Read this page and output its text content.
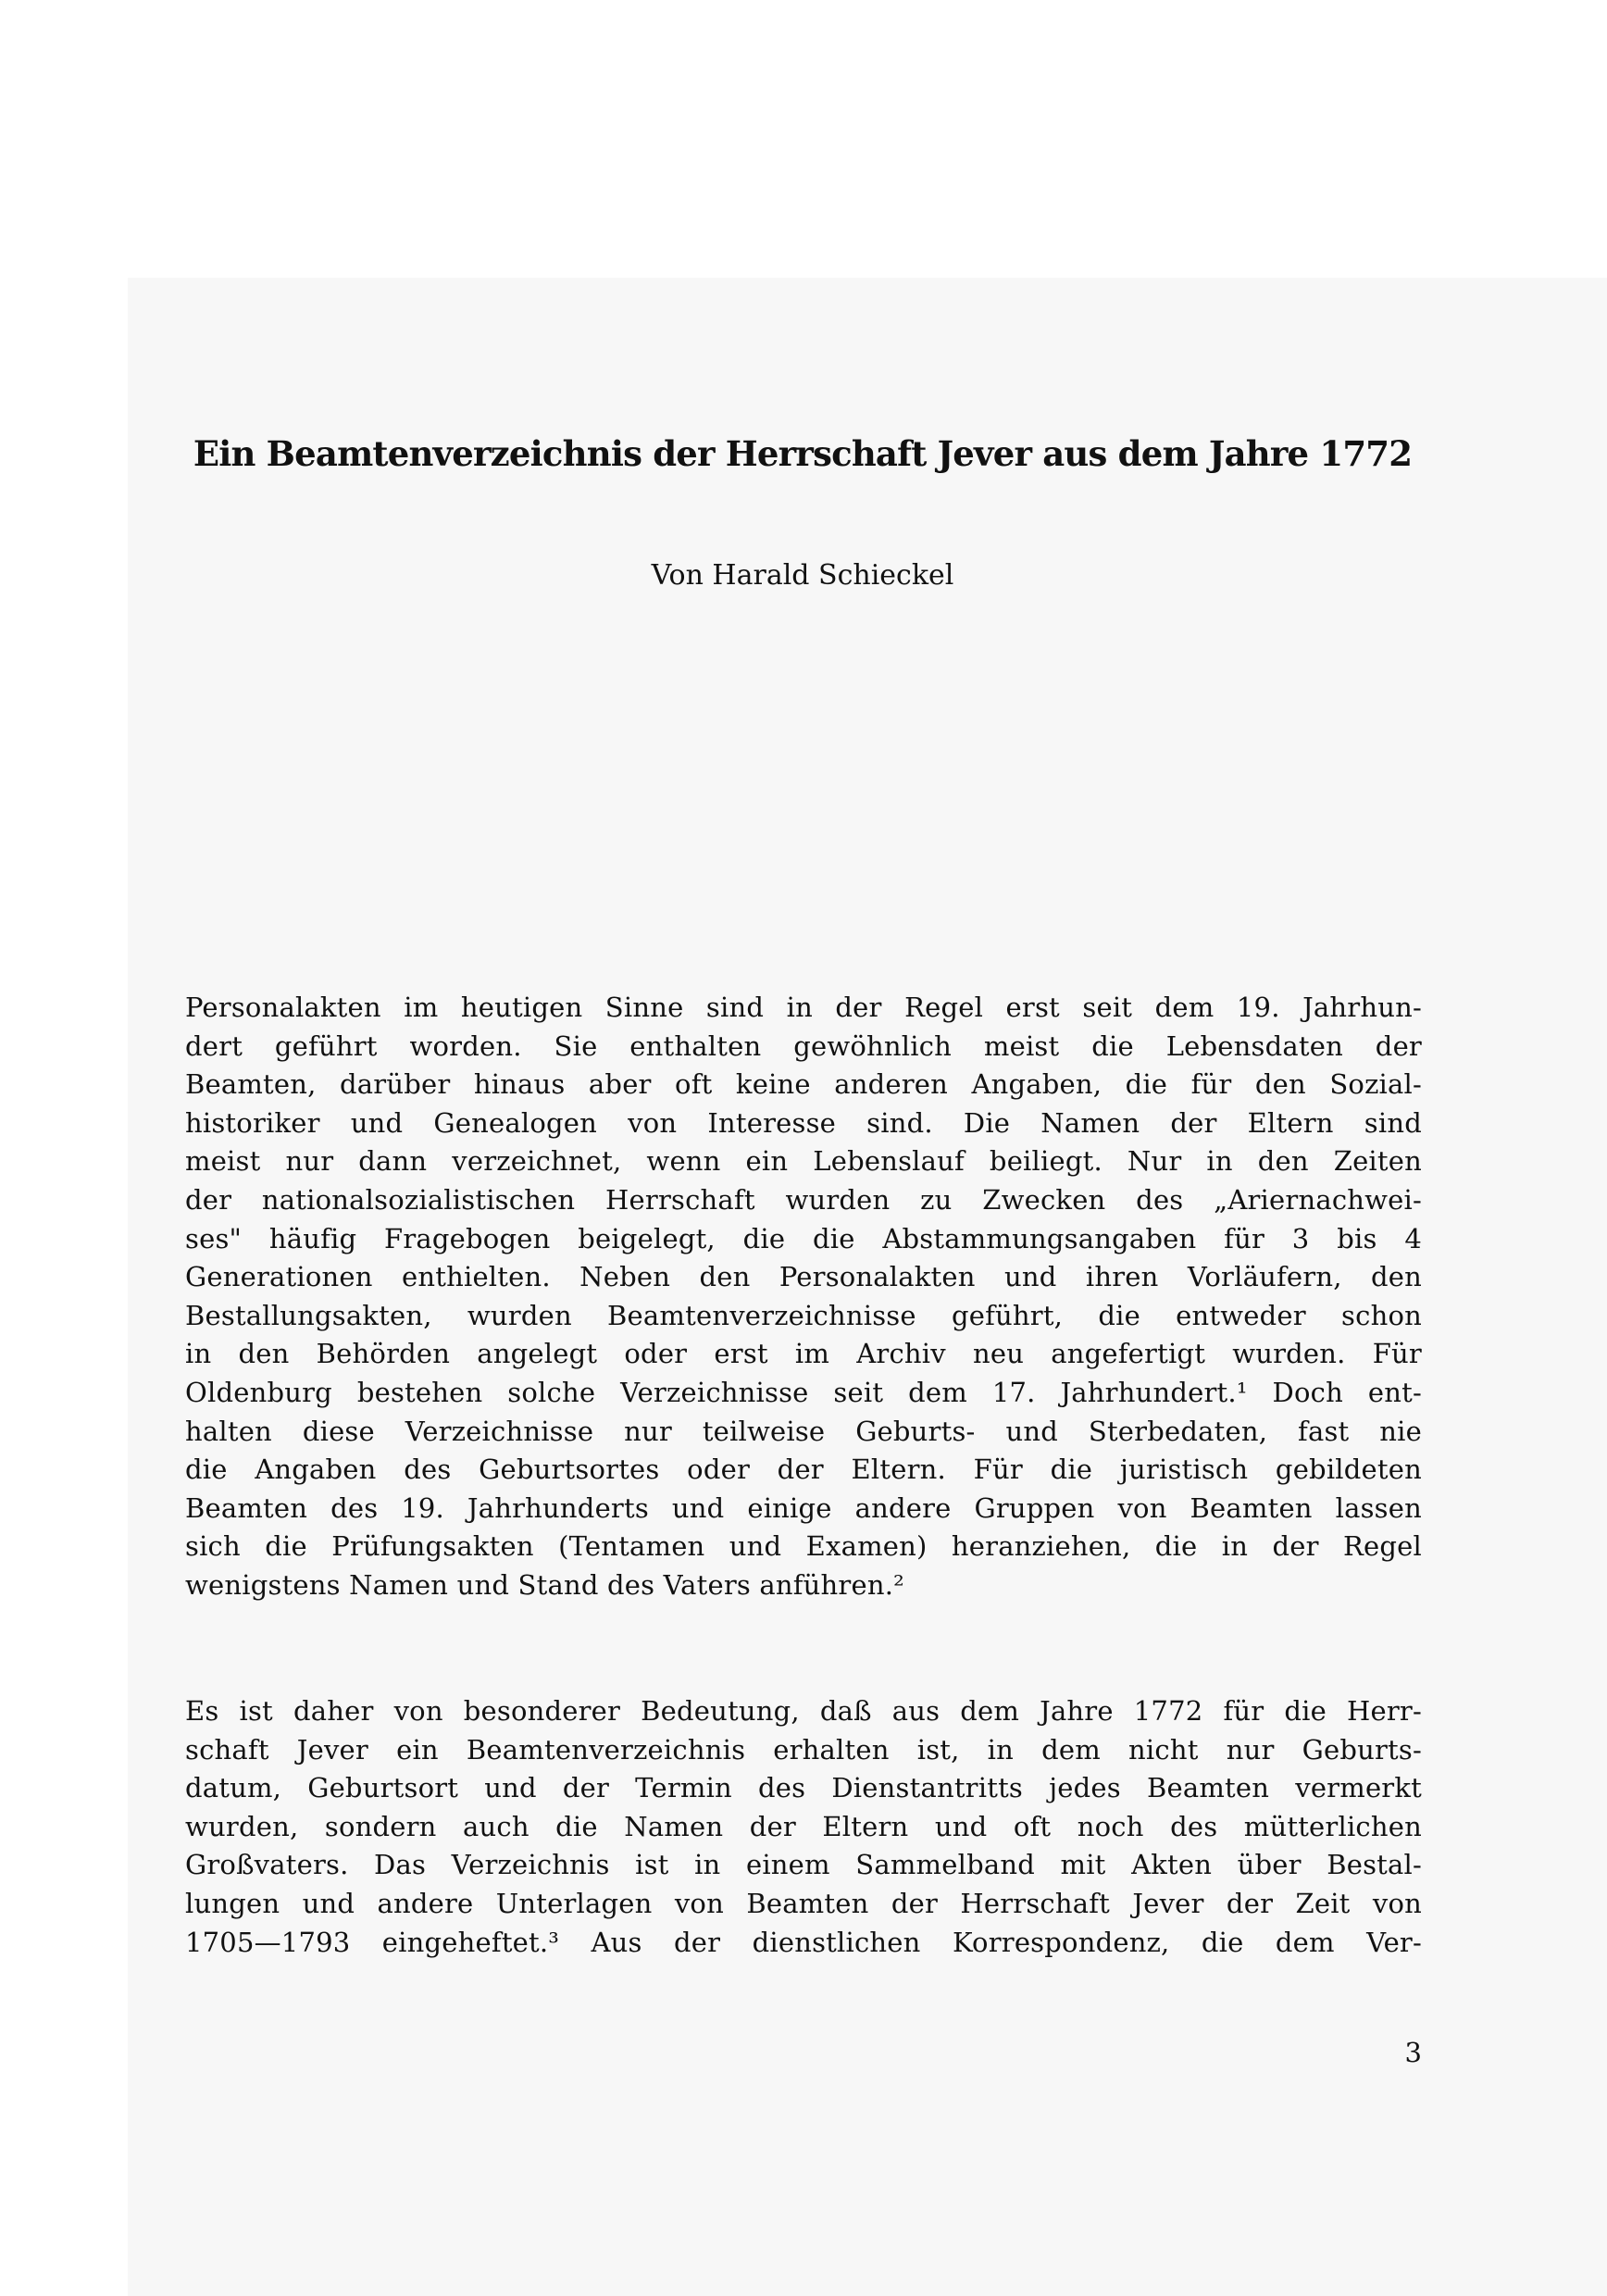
Ein Beamtenverzeichnis der Herrschaft Jever aus dem Jahre 1772

Von Harald Schieckel

Personalakten im heutigen Sinne sind in der Regel erst seit dem 19. Jahrhun-
dert geführt worden. Sie enthalten gewöhnlich meist die Lebensdaten der
Beamten, darüber hinaus aber oft keine anderen Angaben, die für den Sozial-
historiker und Genealogen von Interesse sind. Die Namen der Eltern sind
meist nur dann verzeichnet, wenn ein Lebenslauf beiliegt. Nur in den Zeiten
der nationalsozialistischen Herrschaft wurden zu Zwecken des „Ariernachwei-
ses" häufig Fragebogen beigelegt, die die Abstammungsangaben für 3 bis 4
Generationen enthielten. Neben den Personalakten und ihren Vorläufern, den
Bestallungsakten, wurden Beamtenverzeichnisse geführt, die entweder schon
in den Behörden angelegt oder erst im Archiv neu angefertigt wurden. Für
Oldenburg bestehen solche Verzeichnisse seit dem 17. Jahrhundert.¹ Doch ent-
halten diese Verzeichnisse nur teilweise Geburts- und Sterbedaten, fast nie
die Angaben des Geburtsortes oder der Eltern. Für die juristisch gebildeten
Beamten des 19. Jahrhunderts und einige andere Gruppen von Beamten lassen
sich die Prüfungsakten (Tentamen und Examen) heranziehen, die in der Regel
wenigstens Namen und Stand des Vaters anführen.²
Es ist daher von besonderer Bedeutung, daß aus dem Jahre 1772 für die Herr-
schaft Jever ein Beamtenverzeichnis erhalten ist, in dem nicht nur Geburts-
datum, Geburtsort und der Termin des Dienstantritts jedes Beamten vermerkt
wurden, sondern auch die Namen der Eltern und oft noch des mütterlichen
Großvaters. Das Verzeichnis ist in einem Sammelband mit Akten über Bestal-
lungen und andere Unterlagen von Beamten der Herrschaft Jever der Zeit von
1705—1793 eingeheftet.³ Aus der dienstlichen Korrespondenz, die dem Ver-

3
